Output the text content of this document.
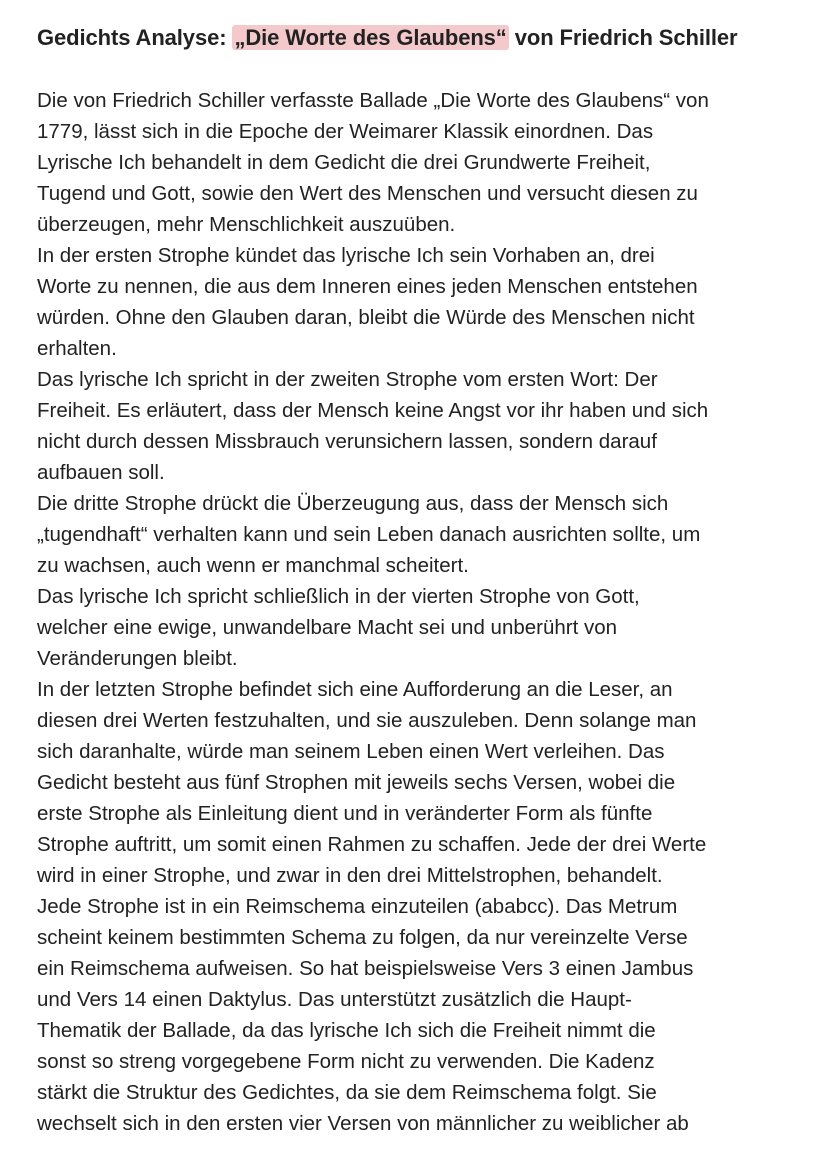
Gedichts Analyse: „Die Worte des Glaubens“ von Friedrich Schiller
Die von Friedrich Schiller verfasste Ballade „Die Worte des Glaubens“ von
1779, lässt sich in die Epoche der Weimarer Klassik einordnen. Das
Lyrische Ich behandelt in dem Gedicht die drei Grundwerte Freiheit,
Tugend und Gott, sowie den Wert des Menschen und versucht diesen zu
überzeugen, mehr Menschlichkeit auszuüben.
In der ersten Strophe kündet das lyrische Ich sein Vorhaben an, drei
Worte zu nennen, die aus dem Inneren eines jeden Menschen entstehen
würden. Ohne den Glauben daran, bleibt die Würde des Menschen nicht
erhalten.
Das lyrische Ich spricht in der zweiten Strophe vom ersten Wort: Der
Freiheit. Es erläutert, dass der Mensch keine Angst vor ihr haben und sich
nicht durch dessen Missbrauch verunsichern lassen, sondern darauf
aufbauen soll.
Die dritte Strophe drückt die Überzeugung aus, dass der Mensch sich
„tugendhaft“ verhalten kann und sein Leben danach ausrichten sollte, um
zu wachsen, auch wenn er manchmal scheitert.
Das lyrische Ich spricht schließlich in der vierten Strophe von Gott,
welcher eine ewige, unwandelbare Macht sei und unberührt von
Veränderungen bleibt.
In der letzten Strophe befindet sich eine Aufforderung an die Leser, an
diesen drei Werten festzuhalten, und sie auszuleben. Denn solange man
sich daranhalte, würde man seinem Leben einen Wert verleihen. Das
Gedicht besteht aus fünf Strophen mit jeweils sechs Versen, wobei die
erste Strophe als Einleitung dient und in veränderter Form als fünfte
Strophe auftritt, um somit einen Rahmen zu schaffen. Jede der drei Werte
wird in einer Strophe, und zwar in den drei Mittelstrophen, behandelt.
Jede Strophe ist in ein Reimschema einzuteilen (ababcc). Das Metrum
scheint keinem bestimmten Schema zu folgen, da nur vereinzelte Verse
ein Reimschema aufweisen. So hat beispielsweise Vers 3 einen Jambus
und Vers 14 einen Daktylus. Das unterstützt zusätzlich die Haupt-
Thematik der Ballade, da das lyrische Ich sich die Freiheit nimmt die
sonst so streng vorgegebene Form nicht zu verwenden. Die Kadenz
stärkt die Struktur des Gedichtes, da sie dem Reimschema folgt. Sie
wechselt sich in den ersten vier Versen von männlicher zu weiblicher ab
